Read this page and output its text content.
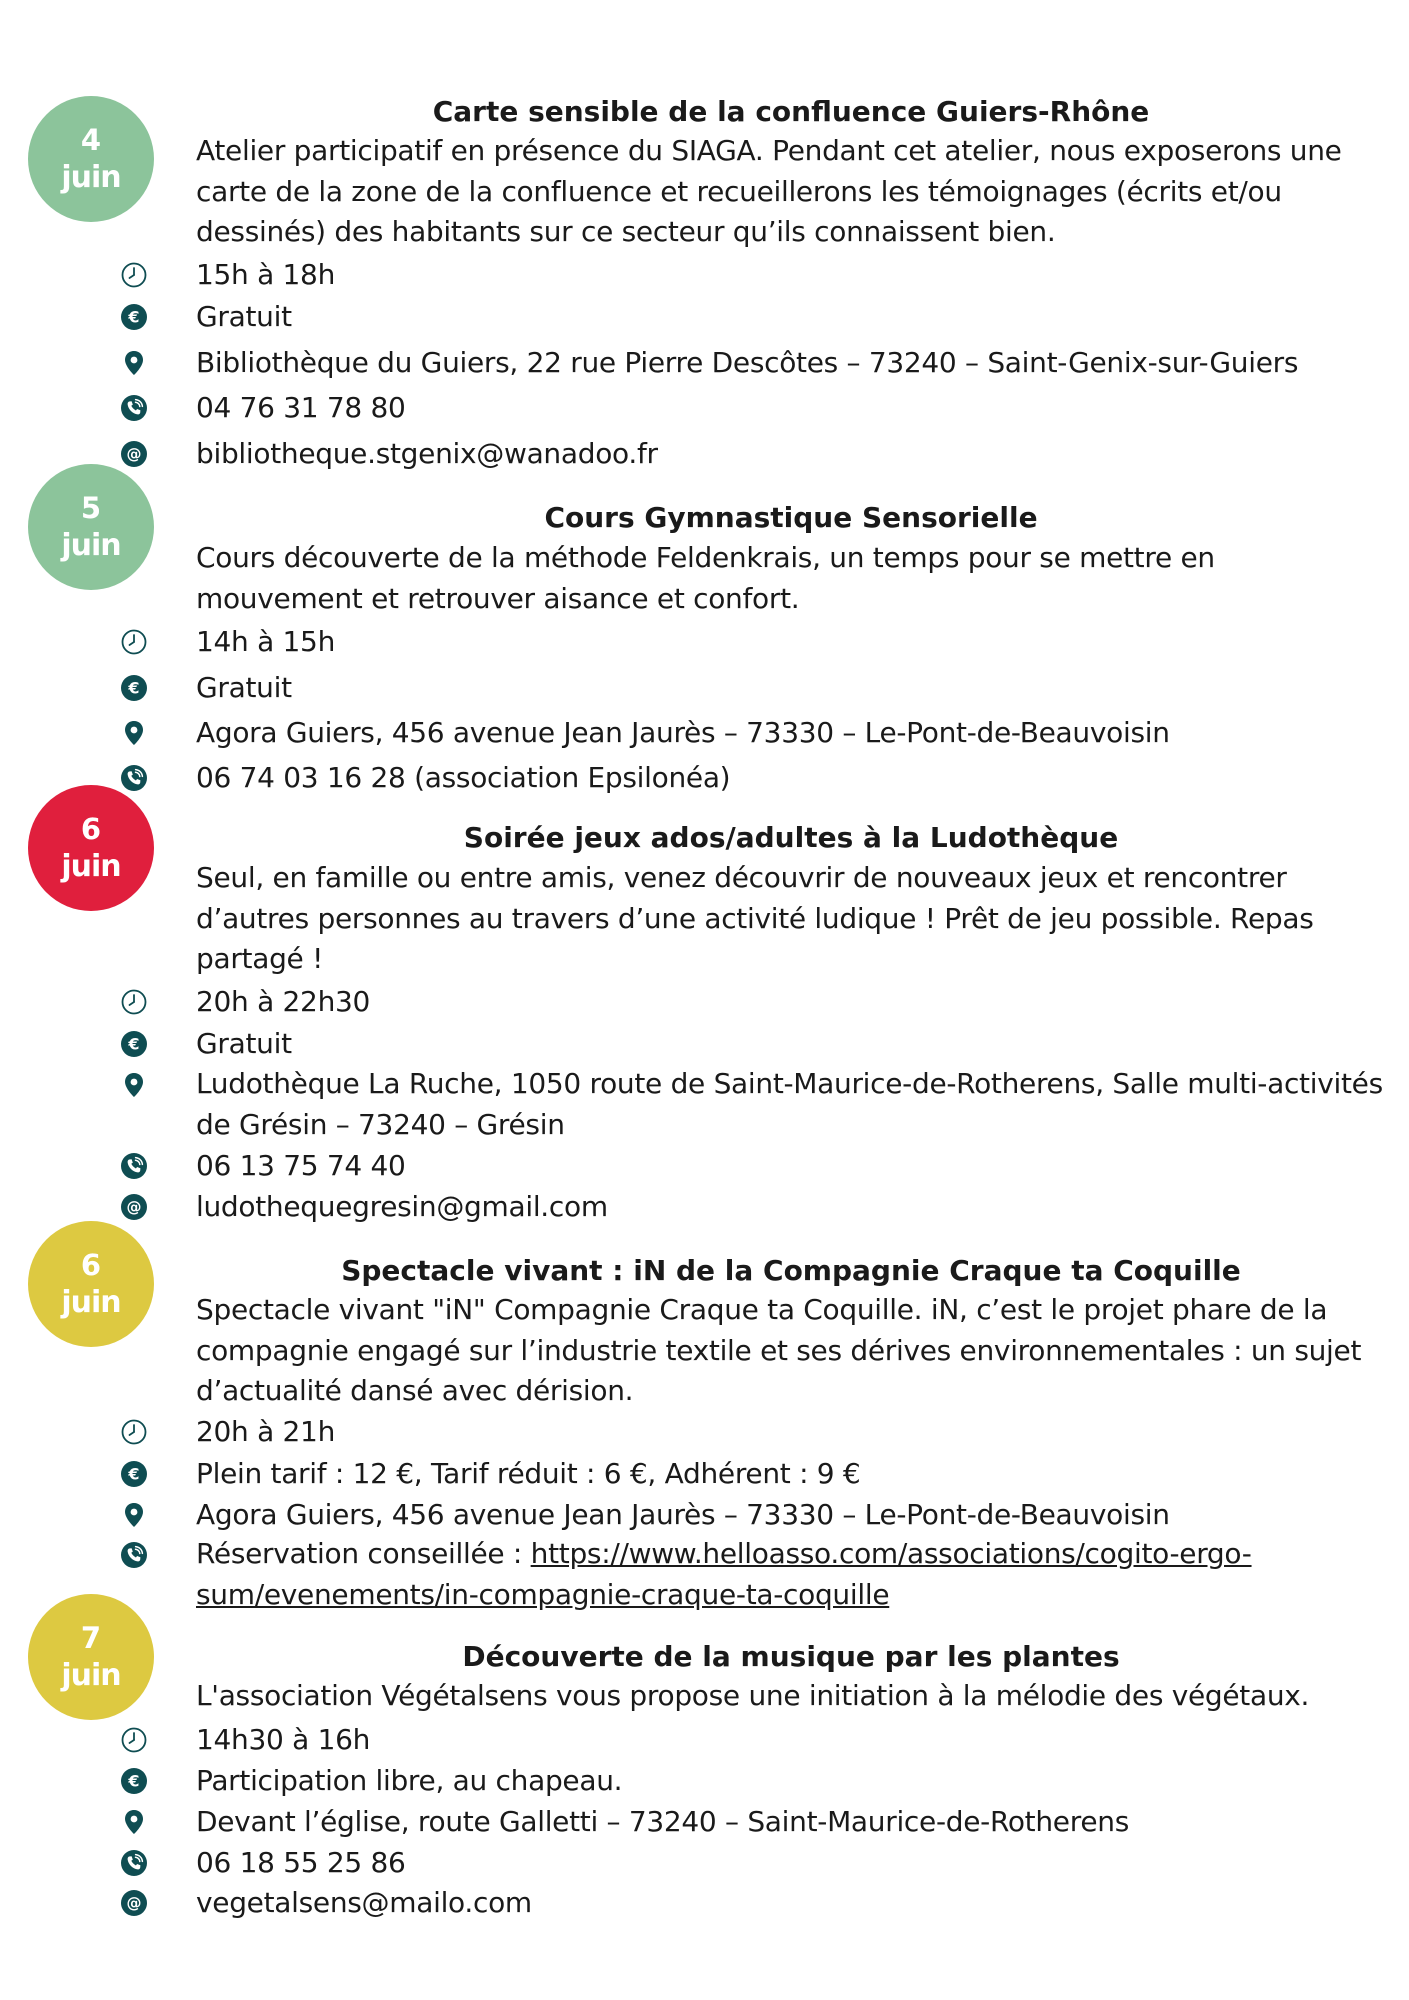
4
juin
Carte sensible de la confluence Guiers-Rhône

Atelier participatif en présence du SIAGA. Pendant cet atelier, nous exposerons une carte de la zone de la confluence et recueillerons les témoignages (écrits et/ou dessinés) des habitants sur ce secteur qu’ils connaissent bien.

15h à 18h
Gratuit
Bibliothèque du Guiers, 22 rue Pierre Descôtes – 73240 – Saint-Genix-sur-Guiers
04 76 31 78 80
bibliotheque.stgenix@wanadoo.fr
5
juin
Cours Gymnastique Sensorielle

Cours découverte de la méthode Feldenkrais, un temps pour se mettre en mouvement et retrouver aisance et confort.

14h à 15h
Gratuit
Agora Guiers, 456 avenue Jean Jaurès – 73330 – Le-Pont-de-Beauvoisin
06 74 03 16 28 (association Epsilonéa)
6
juin
Soirée jeux ados/adultes à la Ludothèque

Seul, en famille ou entre amis, venez découvrir de nouveaux jeux et rencontrer d’autres personnes au travers d’une activité ludique ! Prêt de jeu possible. Repas partagé !

20h à 22h30
Gratuit
Ludothèque La Ruche, 1050 route de Saint-Maurice-de-Rotherens, Salle multi-activités de Grésin – 73240 – Grésin
06 13 75 74 40
ludothequegresin@gmail.com
6
juin
Spectacle vivant : iN de la Compagnie Craque ta Coquille

Spectacle vivant "iN" Compagnie Craque ta Coquille. iN, c’est le projet phare de la compagnie engagé sur l’industrie textile et ses dérives environnementales : un sujet d’actualité dansé avec dérision.

20h à 21h
Plein tarif : 12 €, Tarif réduit : 6 €, Adhérent : 9 €
Agora Guiers, 456 avenue Jean Jaurès – 73330 – Le-Pont-de-Beauvoisin
Réservation conseillée : https://www.helloasso.com/associations/cogito-ergo-sum/evenements/in-compagnie-craque-ta-coquille
7
juin
Découverte de la musique par les plantes

L'association Végétalsens vous propose une initiation à la mélodie des végétaux.

14h30 à 16h
Participation libre, au chapeau.
Devant l’église, route Galletti – 73240 – Saint-Maurice-de-Rotherens
06 18 55 25 86
vegetalsens@mailo.com
